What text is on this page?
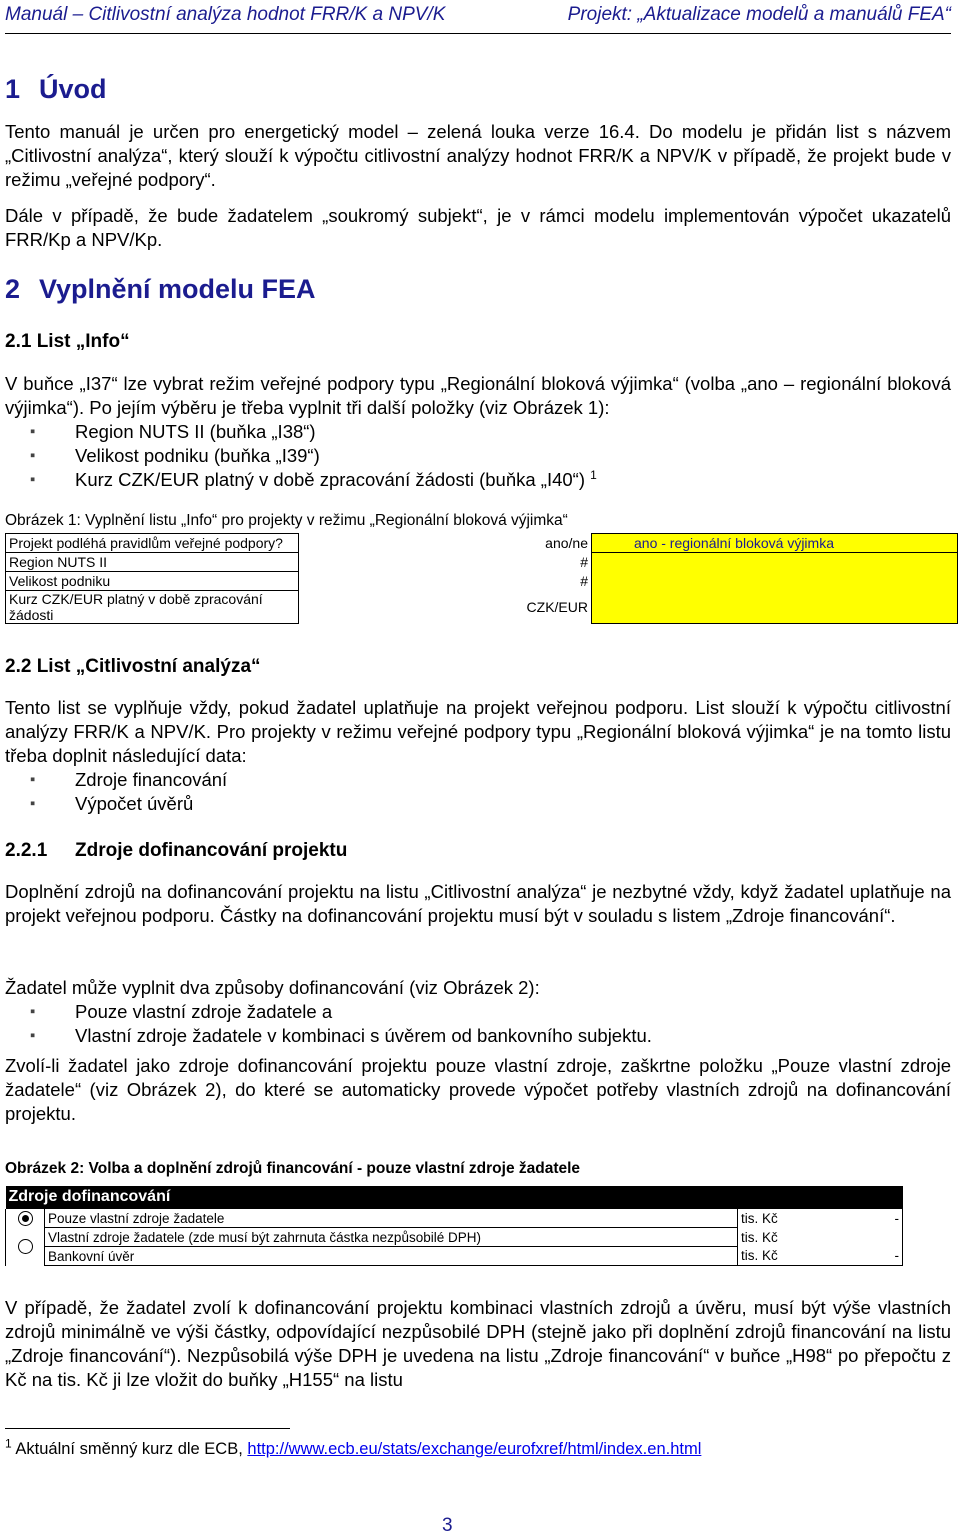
Manuál – Citlivostní analýza hodnot FRR/K a NPV/K	Projekt: „Aktualizace modelů a manuálů FEA“
1 Úvod
Tento manuál je určen pro energetický model – zelená louka verze 16.4. Do modelu je přidán list s názvem „Citlivostní analýza“, který slouží k výpočtu citlivostní analýzy hodnot FRR/K a NPV/K v případě, že projekt bude v režimu „veřejné podpory“.
Dále v případě, že bude žadatelem „soukromý subjekt“, je v rámci modelu implementován výpočet ukazatelů FRR/Kp a NPV/Kp.
2 Vyplnění modelu FEA
2.1 List „Info“
V buňce „I37“ lze vybrat režim veřejné podpory typu „Regionální bloková výjimka“ (volba „ano – regionální bloková výjimka“). Po jejím výběru je třeba vyplnit tři další položky (viz Obrázek 1):
▪ Region NUTS II (buňka „I38“)
▪ Velikost podniku (buňka „I39“)
▪ Kurz CZK/EUR platný v době zpracování žádosti (buňka „I40“) $^1$
Obrázek 1: Vyplnění listu „Info“ pro projekty v režimu „Regionální bloková výjimka“
Projekt podléhá pravidlům veřejné podpory?	ano/ne	ano - regionální bloková výjimka
Region NUTS II	#	
Velikost podniku	#	
Kurz CZK/EUR platný v době zpracování žádosti	CZK/EUR	
2.2 List „Citlivostní analýza“
Tento list se vyplňuje vždy, pokud žadatel uplatňuje na projekt veřejnou podporu. List slouží k výpočtu citlivostní analýzy FRR/K a NPV/K. Pro projekty v režimu veřejné podpory typu „Regionální bloková výjimka“ je na tomto listu třeba doplnit následující data:
▪ Zdroje financování
▪ Výpočet úvěrů
2.2.1 Zdroje dofinancování projektu
Doplnění zdrojů na dofinancování projektu na listu „Citlivostní analýza“ je nezbytné vždy, když žadatel uplatňuje na projekt veřejnou podporu. Částky na dofinancování projektu musí být v souladu s listem „Zdroje financování“.
Žadatel může vyplnit dva způsoby dofinancování (viz Obrázek 2):
▪ Pouze vlastní zdroje žadatele a
▪ Vlastní zdroje žadatele v kombinaci s úvěrem od bankovního subjektu.
Zvolí-li žadatel jako zdroje dofinancování projektu pouze vlastní zdroje, zaškrtne položku „Pouze vlastní zdroje žadatele“ (viz Obrázek 2), do které se automaticky provede výpočet potřeby vlastních zdrojů na dofinancování projektu.
Obrázek 2: Volba a doplnění zdrojů financování - pouze vlastní zdroje žadatele
Zdroje dofinancování			
	Pouze vlastní zdroje žadatele	tis. Kč	-
	Vlastní zdroje žadatele (zde musí být zahrnuta částka nezpůsobilé DPH)	tis. Kč	
	Bankovní úvěr	tis. Kč	-
V případě, že žadatel zvolí k dofinancování projektu kombinaci vlastních zdrojů a úvěru, musí být výše vlastních zdrojů minimálně ve výši částky, odpovídající nezpůsobilé DPH (stejně jako při doplnění zdrojů financování na listu „Zdroje financování“). Nezpůsobilá výše DPH je uvedena na listu „Zdroje financování“ v buňce „H98“ po přepočtu z Kč na tis. Kč ji lze vložit do buňky „H155“ na listu
$^1$ Aktuální směnný kurz dle ECB, http://www.ecb.eu/stats/exchange/eurofxref/html/index.en.html
3
